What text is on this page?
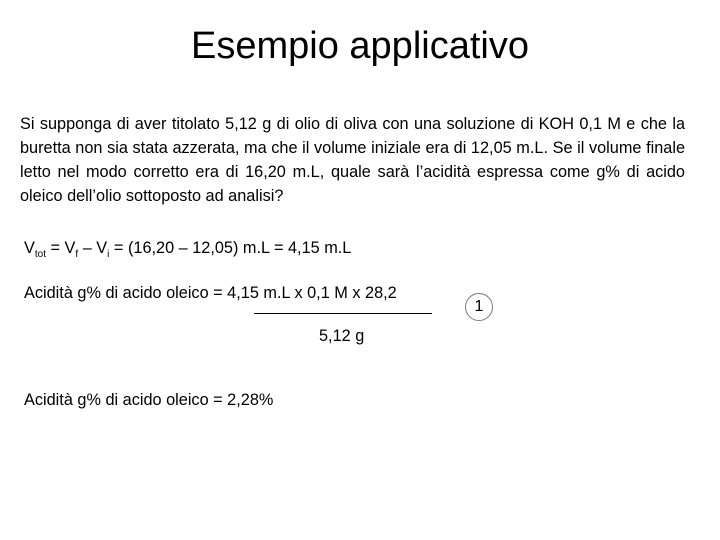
Esempio applicativo
Si supponga di aver titolato 5,12 g di olio di oliva con una soluzione di KOH 0,1 M e che la buretta non sia stata azzerata, ma che il volume iniziale era di 12,05 m.L. Se il volume finale letto nel modo corretto era di 16,20 m.L, quale sarà l’acidità espressa come g% di acido oleico dell’olio sottoposto ad analisi?
$V_{tot} = V_f - V_i = (16,20 - 12,05) m.L = 4,15$ m.L
Acidità g% di acido oleico = 4,15 m.L x 0,1 M x 28,2
5,12 g
Acidità g% di acido oleico = 2,28%
1
